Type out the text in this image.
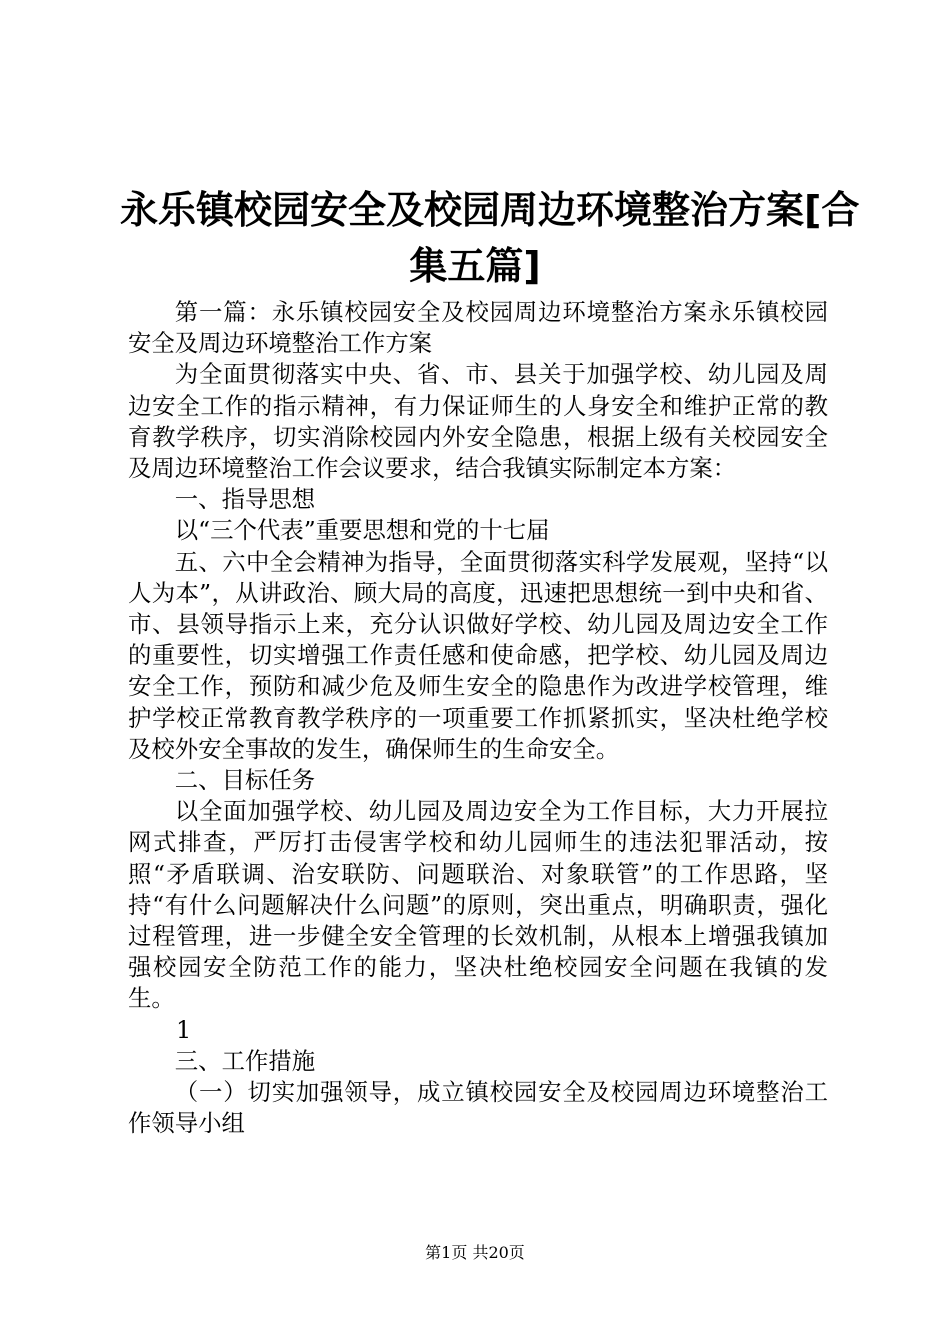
永乐镇校园安全及校园周边环境整治方案[合
集五篇]

第一篇：永乐镇校园安全及校园周边环境整治方案永乐镇校园安全及周边环境整治工作方案

为全面贯彻落实中央、省、市、县关于加强学校、幼儿园及周边安全工作的指示精神，有力保证师生的人身安全和维护正常的教育教学秩序，切实消除校园内外安全隐患，根据上级有关校园安全及周边环境整治工作会议要求，结合我镇实际制定本方案：

一、指导思想

以“三个代表”重要思想和党的十七届

五、六中全会精神为指导，全面贯彻落实科学发展观，坚持“以人为本”，从讲政治、顾大局的高度，迅速把思想统一到中央和省、市、县领导指示上来，充分认识做好学校、幼儿园及周边安全工作的重要性，切实增强工作责任感和使命感，把学校、幼儿园及周边安全工作，预防和减少危及师生安全的隐患作为改进学校管理，维护学校正常教育教学秩序的一项重要工作抓紧抓实，坚决杜绝学校及校外安全事故的发生，确保师生的生命安全。

二、目标任务

以全面加强学校、幼儿园及周边安全为工作目标，大力开展拉网式排查，严厉打击侵害学校和幼儿园师生的违法犯罪活动，按照“矛盾联调、治安联防、问题联治、对象联管”的工作思路，坚持“有什么问题解决什么问题”的原则，突出重点，明确职责，强化过程管理，进一步健全安全管理的长效机制，从根本上增强我镇加强校园安全防范工作的能力，坚决杜绝校园安全问题在我镇的发生。

1

三、工作措施

（一）切实加强领导，成立镇校园安全及校园周边环境整治工作领导小组

第1页 共20页
